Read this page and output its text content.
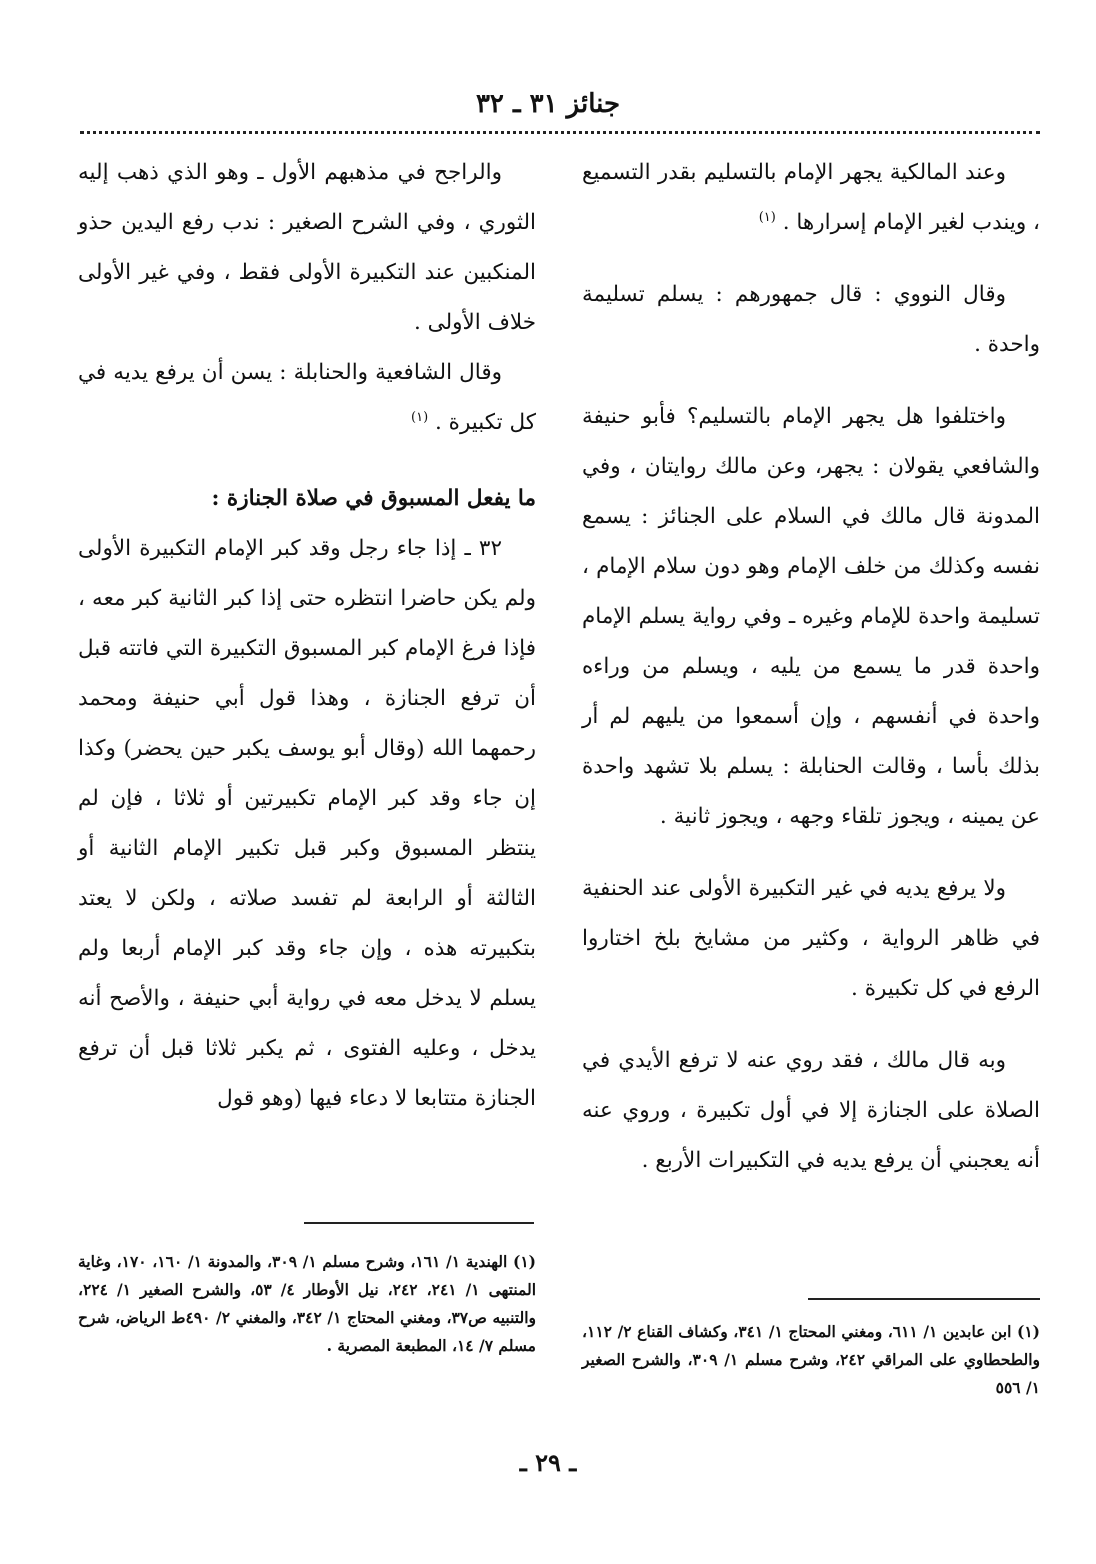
جنائز ٣١ ـ ٣٢

وعند المالكية يجهر الإمام بالتسليم بقدر التسميع ، ويندب لغير الإمام إسرارها . $^{(١)}$

وقال النووي : قال جمهورهم : يسلم تسليمة واحدة .

واختلفوا هل يجهر الإمام بالتسليم؟ فأبو حنيفة والشافعي يقولان : يجهر، وعن مالك روايتان ، وفي المدونة قال مالك في السلام على الجنائز : يسمع نفسه وكذلك من خلف الإمام وهو دون سلام الإمام ، تسليمة واحدة للإمام وغيره ـ وفي رواية يسلم الإمام واحدة قدر ما يسمع من يليه ، ويسلم من وراءه واحدة في أنفسهم ، وإن أسمعوا من يليهم لم أر بذلك بأسا ، وقالت الحنابلة : يسلم بلا تشهد واحدة عن يمينه ، ويجوز تلقاء وجهه ، ويجوز ثانية .

ولا يرفع يديه في غير التكبيرة الأولى عند الحنفية في ظاهر الرواية ، وكثير من مشايخ بلخ اختاروا الرفع في كل تكبيرة .

وبه قال مالك ، فقد روي عنه لا ترفع الأيدي في الصلاة على الجنازة إلا في أول تكبيرة ، وروي عنه أنه يعجبني أن يرفع يديه في التكبيرات الأربع .

والراجح في مذهبهم الأول ـ وهو الذي ذهب إليه الثوري ، وفي الشرح الصغير : ندب رفع اليدين حذو المنكبين عند التكبيرة الأولى فقط ، وفي غير الأولى خلاف الأولى .

وقال الشافعية والحنابلة : يسن أن يرفع يديه في كل تكبيرة . $^{(١)}$

ما يفعل المسبوق في صلاة الجنازة :

٣٢ ـ إذا جاء رجل وقد كبر الإمام التكبيرة الأولى ولم يكن حاضرا انتظره حتى إذا كبر الثانية كبر معه ، فإذا فرغ الإمام كبر المسبوق التكبيرة التي فاتته قبل أن ترفع الجنازة ، وهذا قول أبي حنيفة ومحمد رحمهما الله (وقال أبو يوسف يكبر حين يحضر) وكذا إن جاء وقد كبر الإمام تكبيرتين أو ثلاثا ، فإن لم ينتظر المسبوق وكبر قبل تكبير الإمام الثانية أو الثالثة أو الرابعة لم تفسد صلاته ، ولكن لا يعتد بتكبيرته هذه ، وإن جاء وقد كبر الإمام أربعا ولم يسلم لا يدخل معه في رواية أبي حنيفة ، والأصح أنه يدخل ، وعليه الفتوى ، ثم يكبر ثلاثا قبل أن ترفع الجنازة متتابعا لا دعاء فيها (وهو قول

(١) ابن عابدين ١/ ٦١١، ومغني المحتاج ١/ ٣٤١، وكشاف القناع ٢/ ١١٢، والطحطاوي على المراقي ٢٤٢، وشرح مسلم ١/ ٣٠٩، والشرح الصغير ١/ ٥٥٦

(١) الهندية ١/ ١٦١، وشرح مسلم ١/ ٣٠٩، والمدونة ١/ ١٦٠، ١٧٠، وغاية المنتهى ١/ ٢٤١، ٢٤٢، نيل الأوطار ٤/ ٥٣، والشرح الصغير ١/ ٢٢٤، والتنبيه ص٣٧، ومغني المحتاج ١/ ٣٤٢، والمغني ٢/ ٤٩٠ط الرياض، شرح مسلم ٧/ ١٤، المطبعة المصرية .

ـ ٢٩ ـ
